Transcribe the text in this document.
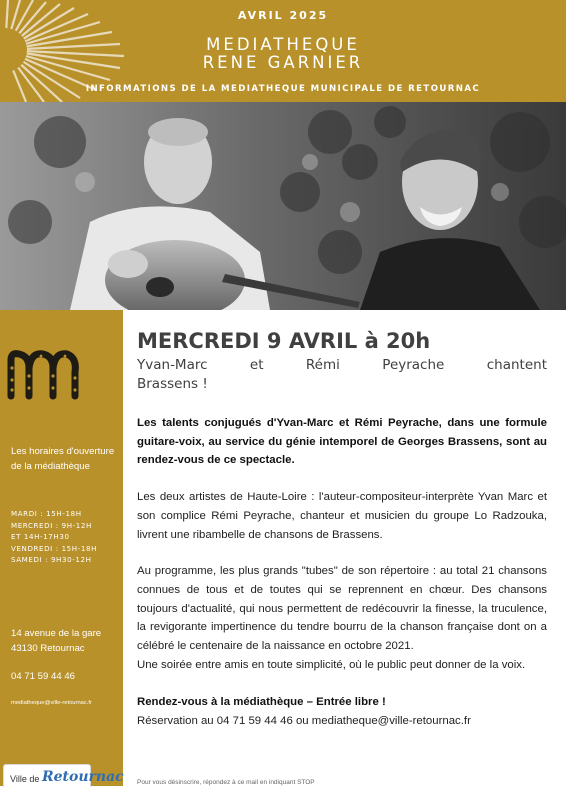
AVRIL 2025
MEDIATHEQUE
RENE GARNIER
INFORMATIONS DE LA MEDIATHEQUE MUNICIPALE DE RETOURNAC
Les horaires d'ouverture de la médiathèque
MARDI : 15H-18H
MERCREDI : 9H-12H
ET 14H-17H30
VENDREDI : 15H-18H
SAMEDI : 9H30-12H
14 avenue de la gare
43130 Retournac
04 71 59 44 46
mediatheque@ville-retournac.fr
Ville de Retournac
MERCREDI 9 AVRIL à 20h
Yvan-Marc et Rémi Peyrache chantent
Brassens !

Les talents conjugués d'Yvan-Marc et Rémi Peyrache, dans une formule guitare-voix, au service du génie intemporel de Georges Brassens, sont au rendez-vous de ce spectacle.

Les deux artistes de Haute-Loire : l'auteur-compositeur-interprète Yvan Marc et son complice Rémi Peyrache, chanteur et musicien du groupe Lo Radzouka, livrent une ribambelle de chansons de Brassens.

Au programme, les plus grands "tubes" de son répertoire : au total 21 chansons connues de tous et de toutes qui se reprennent en chœur. Des chansons toujours d'actualité, qui nous permettent de redécouvrir la finesse, la truculence, la revigorante impertinence du tendre bourru de la chanson française dont on a célébré le centenaire de la naissance en octobre 2021.

Une soirée entre amis en toute simplicité, où le public peut donner de la voix.

Rendez-vous à la médiathèque – Entrée libre !

Réservation au 04 71 59 44 46 ou mediatheque@ville-retournac.fr

Pour vous désinscrire, répondez à ce mail en indiquant STOP
